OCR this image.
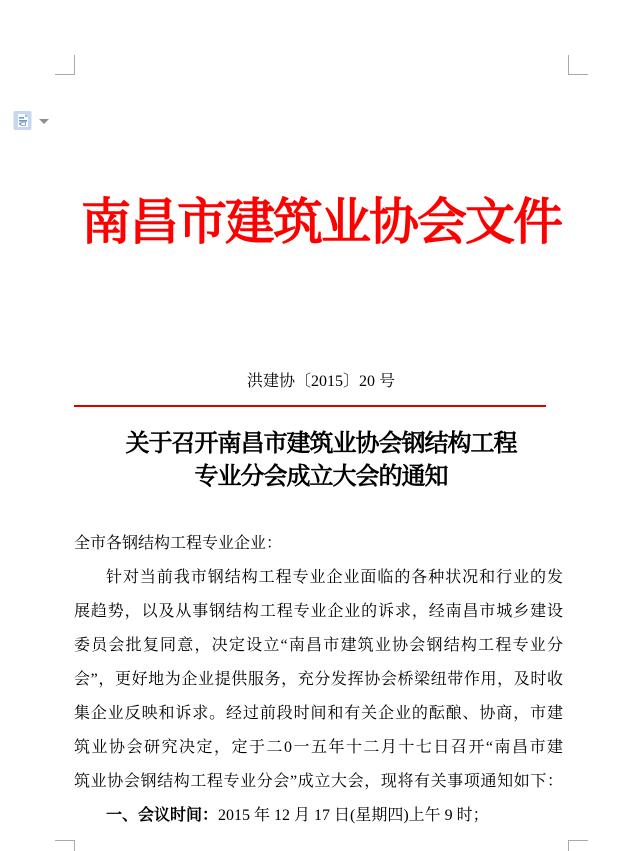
南昌市建筑业协会文件
洪建协〔2015〕20 号
关于召开南昌市建筑业协会钢结构工程
专业分会成立大会的通知
全市各钢结构工程专业企业：
针对当前我市钢结构工程专业企业面临的各种状况和行业的发
展趋势，以及从事钢结构工程专业企业的诉求，经南昌市城乡建设
委员会批复同意，决定设立“南昌市建筑业协会钢结构工程专业分
会”，更好地为企业提供服务，充分发挥协会桥梁纽带作用，及时收
集企业反映和诉求。经过前段时间和有关企业的酝酿、协商，市建
筑业协会研究决定，定于二0一五年十二月十七日召开“南昌市建
筑业协会钢结构工程专业分会”成立大会，现将有关事项通知如下：
一、会议时间：2015 年 12 月 17 日(星期四)上午 9 时；
